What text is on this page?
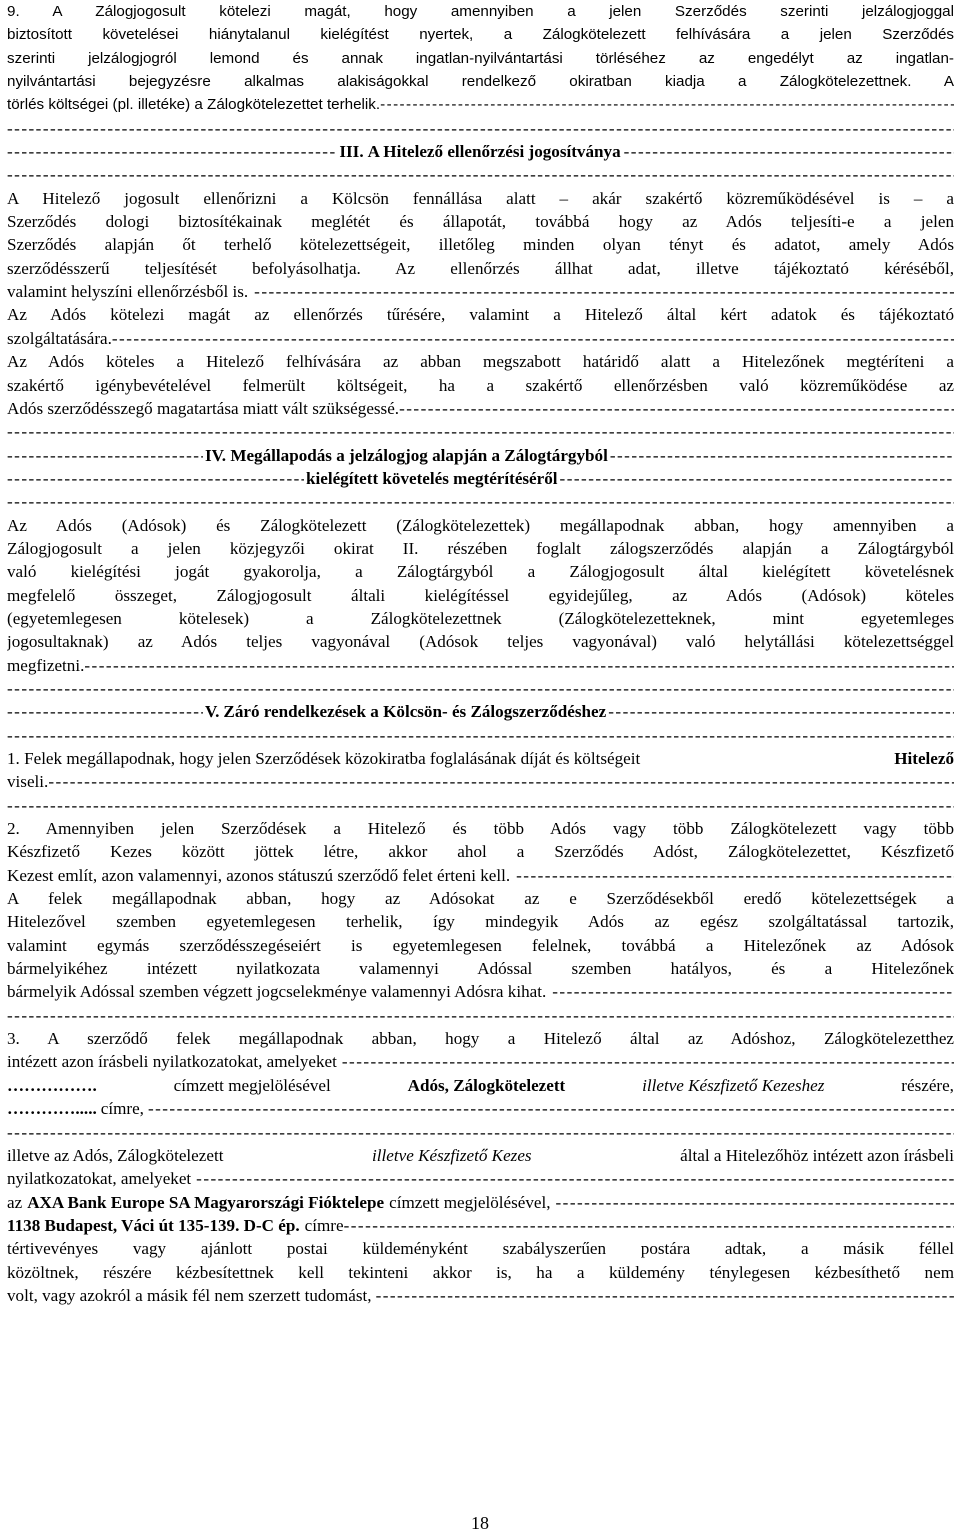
9. A Zálogjogosult kötelezi magát, hogy amennyiben a jelen Szerződés szerinti jelzálogjoggal
biztosított követelései hiánytalanul kielégítést nyertek, a Zálogkötelezett felhívására a jelen Szerződés
szerinti jelzálogjogról lemond és annak ingatlan-nyilvántartási törléséhez az engedélyt az ingatlan-
nyilvántartási bejegyzésre alkalmas alakiságokkal rendelkező okiratban kiadja a Zálogkötelezettnek. A
törlés költségei (pl. illetéke) a Zálogkötelezettet terhelik.
- - -
- - -
- - -
III. A Hitelező ellenőrzési jogosítványa
- - -
- - -
A Hitelező jogosult ellenőrizni a Kölcsön fennállása alatt – akár szakértő közreműködésével is – a
Szerződés dologi biztosítékainak meglétét és állapotát, továbbá hogy az Adós teljesíti-e a jelen
Szerződés alapján őt terhelő kötelezettségeit, illetőleg minden olyan tényt és adatot, amely Adós
szerződésszerű teljesítését befolyásolhatja. Az ellenőrzés állhat adat, illetve tájékoztató kéréséből,
valamint helyszíni ellenőrzésből is.
- - -
Az Adós kötelezi magát az ellenőrzés tűrésére, valamint a Hitelező által kért adatok és tájékoztató
szolgáltatására.
- - -
Az Adós köteles a Hitelező felhívására az abban megszabott határidő alatt a Hitelezőnek megtéríteni a
szakértő igénybevételével felmerült költségeit, ha a szakértő ellenőrzésben való közreműködése az
Adós szerződésszegő magatartása miatt vált szükségessé.
- - -
- - -
- - -
IV. Megállapodás a jelzálogjog alapján a Zálogtárgyból
- - -
- - -
kielégített követelés megtérítéséről
- - -
- - -
Az Adós (Adósok) és Zálogkötelezett (Zálogkötelezettek) megállapodnak abban, hogy amennyiben a
Zálogjogosult a jelen közjegyzői okirat II. részében foglalt zálogszerződés alapján a Zálogtárgyból
való kielégítési jogát gyakorolja, a Zálogtárgyból a Zálogjogosult által kielégített követelésnek
megfelelő összeget, Zálogjogosult általi kielégítéssel egyidejűleg, az Adós (Adósok) köteles
(egyetemlegesen kötelesek) a Zálogkötelezettnek (Zálogkötelezetteknek, mint egyetemleges
jogosultaknak) az Adós teljes vagyonával (Adósok teljes vagyonával) való helytállási kötelezettséggel
megfizetni.
- - -
- - -
- - -
V. Záró rendelkezések a Kölcsön- és Zálogszerződéshez
- - -
- - -
1. Felek megállapodnak, hogy jelen Szerződések közokiratba foglalásának díját és költségeit	Hitelező
viseli.
- - -
- - -
2. Amennyiben jelen Szerződések a Hitelező és több Adós vagy több Zálogkötelezett vagy több
Készfizető Kezes között jöttek létre, akkor ahol a Szerződés Adóst, Zálogkötelezettet, Készfizető
Kezest említ, azon valamennyi, azonos státuszú szerződő felet érteni kell.
- - -
A felek megállapodnak abban, hogy az Adósokat az e Szerződésekből eredő kötelezettségek a
Hitelezővel szemben egyetemlegesen terhelik, így mindegyik Adós az egész szolgáltatással tartozik,
valamint egymás szerződésszegéseiért is egyetemlegesen felelnek, továbbá a Hitelezőnek az Adósok
bármelyikéhez intézett nyilatkozata valamennyi Adóssal szemben hatályos, és a Hitelezőnek
bármelyik Adóssal szemben végzett jogcselekménye valamennyi Adósra kihat.
- - -
- - -
3. A szerződő felek megállapodnak abban, hogy a Hitelező által az Adóshoz, Zálogkötelezetthez
intézett azon írásbeli nyilatkozatokat, amelyeket
- - -
…………….	címzett megjelölésével	Adós, Zálogkötelezett	illetve Készfizető Kezeshez	részére,
…………..... címre,
- - -
- - -
illetve az Adós, Zálogkötelezett	illetve Készfizető Kezes	által a Hitelezőhöz intézett azon írásbeli
nyilatkozatokat, amelyeket
- - -
az AXA Bank Europe SA Magyarországi Fióktelepe címzett megjelölésével,
- - -
1138 Budapest, Váci út 135-139. D-C ép. címre
- - -
tértivevényes vagy ajánlott postai küldeményként szabályszerűen postára adtak, a másik féllel
közöltnek, részére kézbesítettnek kell tekinteni akkor is, ha a küldemény ténylegesen kézbesíthető nem
volt, vagy azokról a másik fél nem szerzett tudomást,
- - -
18
